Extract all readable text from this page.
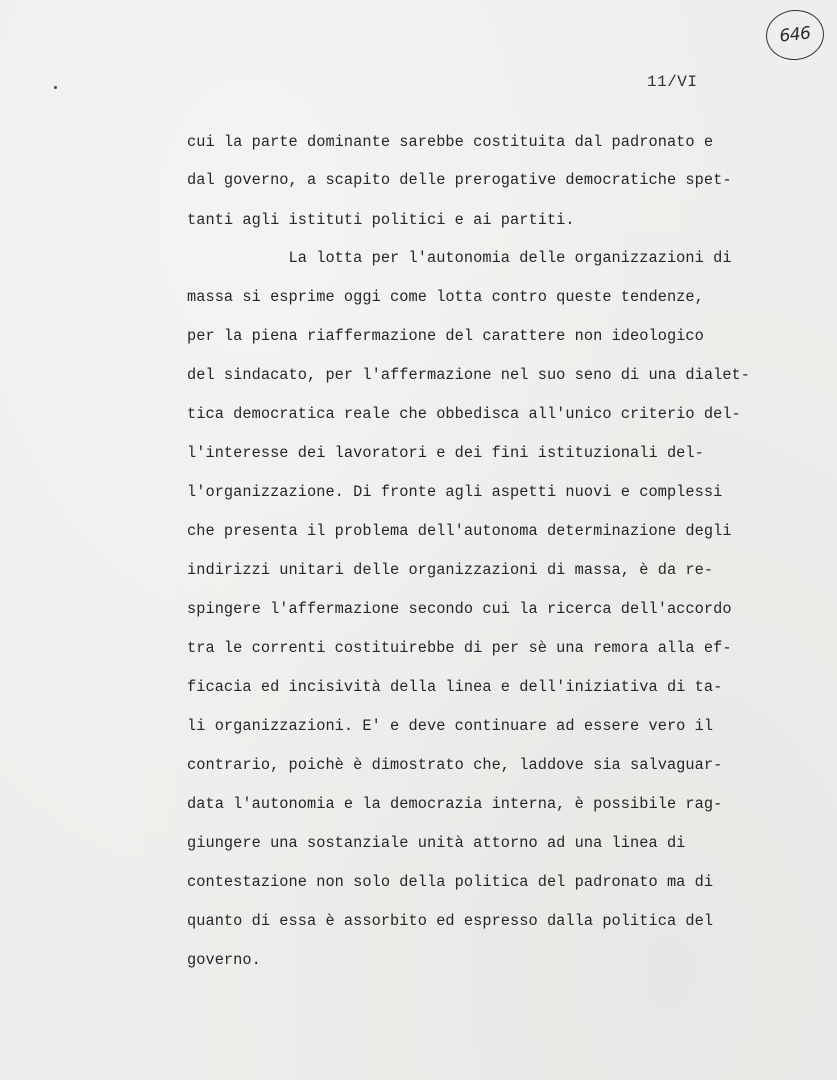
646
11/VI
cui la parte dominante sarebbe costituita dal padronato e
dal governo, a scapito delle prerogative democratiche spet-
tanti agli istituti politici e ai partiti.
La lotta per l'autonomia delle organizzazioni di
massa si esprime oggi come lotta contro queste tendenze,
per la piena riaffermazione del carattere non ideologico
del sindacato, per l'affermazione nel suo seno di una dialet-
tica democratica reale che obbedisca all'unico criterio del-
l'interesse dei lavoratori e dei fini istituzionali del-
l'organizzazione. Di fronte agli aspetti nuovi e complessi
che presenta il problema dell'autonoma determinazione degli
indirizzi unitari delle organizzazioni di massa, è da re-
spingere l'affermazione secondo cui la ricerca dell'accordo
tra le correnti costituirebbe di per sè una remora alla ef-
ficacia ed incisività della linea e dell'iniziativa di ta-
li organizzazioni. E' e deve continuare ad essere vero il
contrario, poichè è dimostrato che, laddove sia salvaguar-
data l'autonomia e la democrazia interna, è possibile rag-
giungere una sostanziale unità attorno ad una linea di
contestazione non solo della politica del padronato ma di
quanto di essa è assorbito ed espresso dalla politica del
governo.
